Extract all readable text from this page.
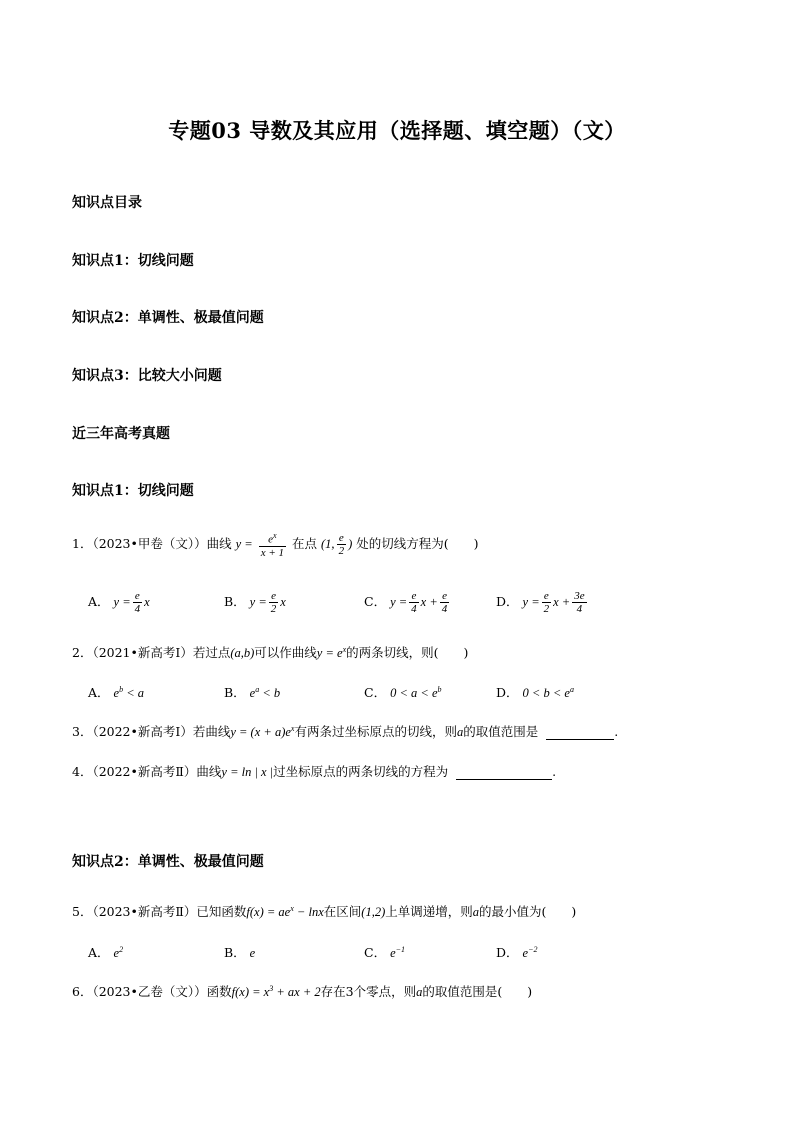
专题03 导数及其应用（选择题、填空题）（文）
知识点目录
知识点1：切线问题
知识点2：单调性、极最值问题
知识点3：比较大小问题
近三年高考真题
知识点1：切线问题
1．（2023•甲卷（文））曲线 $y = \frac{e^x}{x + 1}$ 在点 (1, $\frac{e}{2}$ ) 处的切线方程为(　　)
A． $y = \frac{e}{4}$ x	B． $y = \frac{e}{2}$ x	C． $y = \frac{e}{4}$ $x + \frac{e}{4}$	D． $y = \frac{e}{2}$ $x + \frac{3e}{4}$
2．（2021•新高考Ⅰ）若过点(a,b)可以作曲线$y = e^x$的两条切线，则(　　)
A． $e^b < a$	B． $e^a < b$	C． $0 < a < e^b$	D． $0 < b < e^a$
3．（2022•新高考Ⅰ）若曲线$y = (x + a)e^x$有两条过坐标原点的切线，则a的取值范围是	.
4．（2022•新高考Ⅱ）曲线y = ln | x |过坐标原点的两条切线的方程为	.
知识点2：单调性、极最值问题
5．（2023•新高考Ⅱ）已知函数$f(x) = ae^x - \ln x$在区间(1,2)上单调递增，则a的最小值为(　　)
A． $e^2$	B． e	C． $e^{-1}$	D． $e^{-2}$
6．（2023•乙卷（文））函数$f(x) = x^3$ + ax + 2存在3个零点，则a的取值范围是(　　)
